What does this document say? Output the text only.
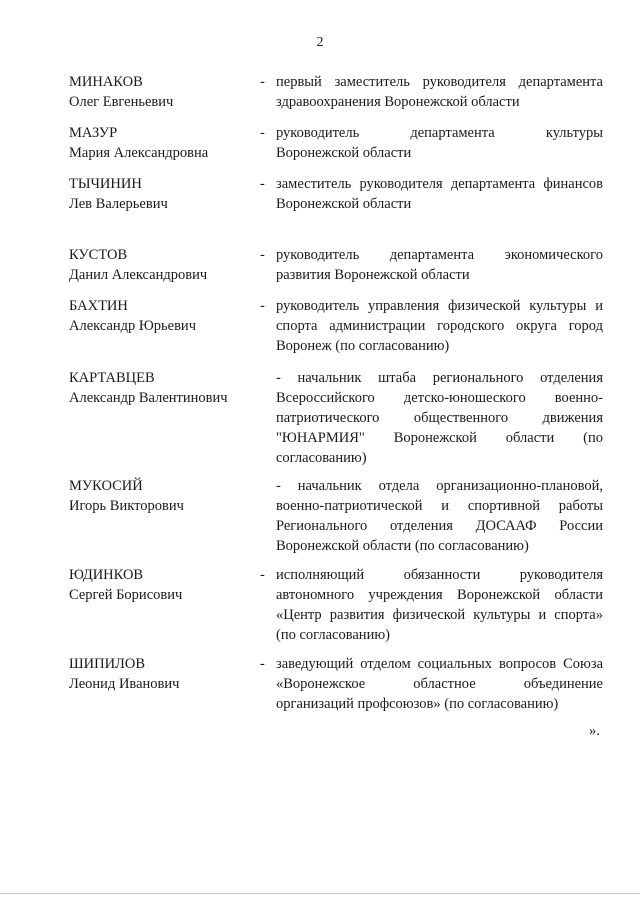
2
МИНАКОВ
Олег Евгеньевич
- первый заместитель руководителя департамента
здравоохранения Воронежской области
МАЗУР
Мария Александровна
- руководитель департамента культуры
Воронежской области
ТЫЧИНИН
Лев Валерьевич
- заместитель руководителя департамента финансов
Воронежской области
КУСТОВ
Данил Александрович
- руководитель департамента экономического
развития Воронежской области
БАХТИН
Александр Юрьевич
- руководитель управления физической культуры и
спорта администрации городского округа город
Воронеж (по согласованию)
КАРТАВЦЕВ
Александр Валентинович
- начальник штаба регионального отделения
Всероссийского детско-юношеского военно-
патриотического общественного движения
"ЮНАРМИЯ" Воронежской области (по
согласованию)
МУКОСИЙ
Игорь Викторович
- начальник отдела организационно-плановой,
военно-патриотической и спортивной работы
Регионального отделения ДОСААФ России
Воронежской области (по согласованию)
ЮДИНКОВ
Сергей Борисович
- исполняющий обязанности руководителя
автономного учреждения Воронежской области
«Центр развития физической культуры и спорта»
(по согласованию)
ШИПИЛОВ
Леонид Иванович
- заведующий отделом социальных вопросов Союза
«Воронежское областное объединение
организаций профсоюзов» (по согласованию)
».
